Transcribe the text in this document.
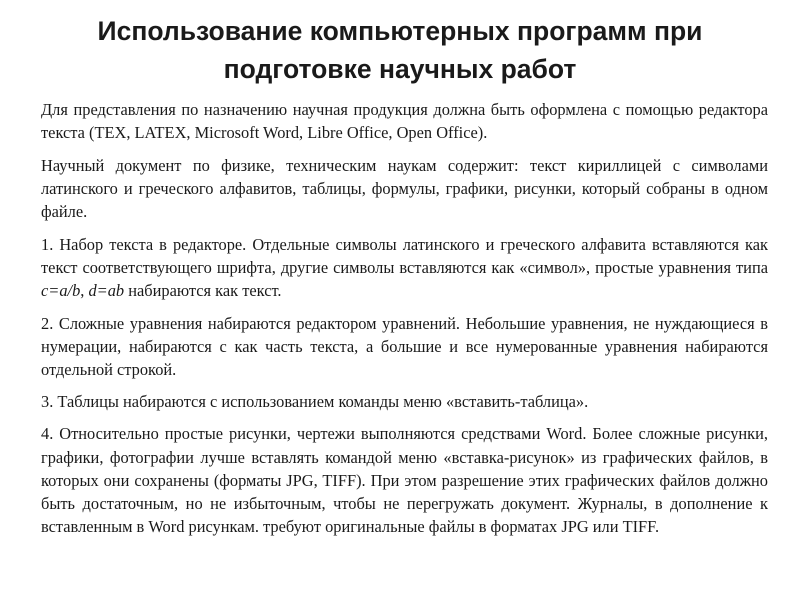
Использование компьютерных программ при
подготовке научных работ

Для представления по назначению научная продукция должна быть оформлена с помощью редактора текста (TEX, LATEX, Microsoft Word, Libre Office, Open Office).

Научный документ по физике, техническим наукам содержит: текст кириллицей с символами латинского и греческого алфавитов, таблицы, формулы, графики, рисунки, который собраны в одном файле.

1. Набор текста в редакторе. Отдельные символы латинского и греческого алфавита вставляются как текст соответствующего шрифта, другие символы вставляются как «символ», простые уравнения типа c=a/b, d=ab набираются как текст.

2. Сложные уравнения набираются редактором уравнений. Небольшие уравнения, не нуждающиеся в нумерации, набираются с как часть текста, а большие и все нумерованные уравнения набираются отдельной строкой.

3. Таблицы набираются с использованием команды меню «вставить-таблица».

4. Относительно простые рисунки, чертежи выполняются средствами Word. Более сложные рисунки, графики, фотографии лучше вставлять командой меню «вставка-рисунок» из графических файлов, в которых они сохранены (форматы JPG, TIFF). При этом разрешение этих графических файлов должно быть достаточным, но не избыточным, чтобы не перегружать документ. Журналы, в дополнение к вставленным в Word рисункам. требуют оригинальные файлы в форматах JPG или TIFF.
